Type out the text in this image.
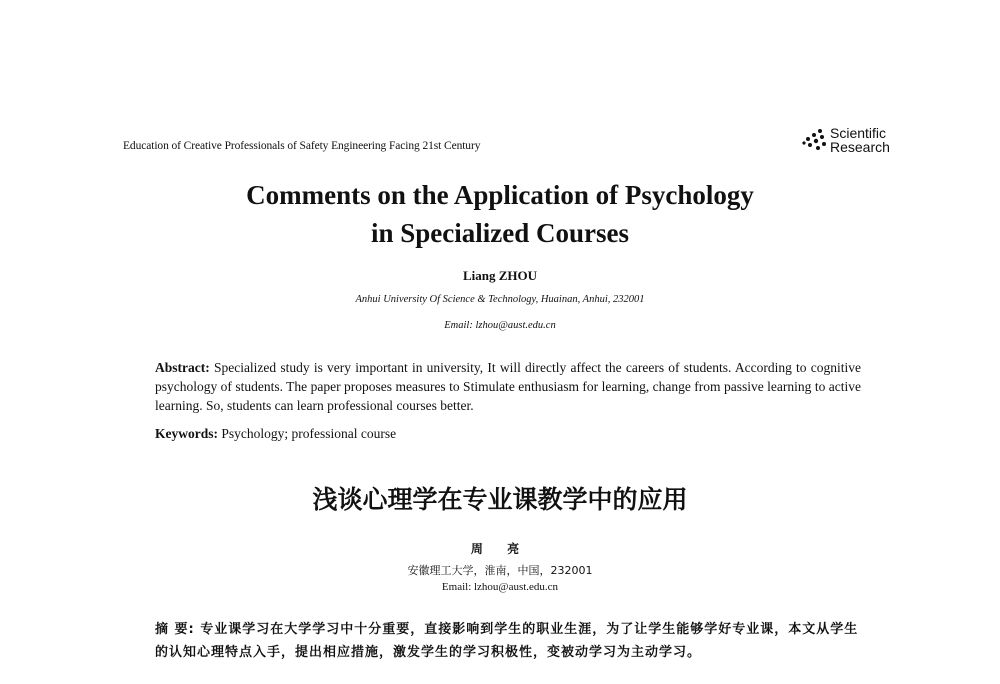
Education of Creative Professionals of Safety Engineering Facing 21st Century
Scientific
Research
Comments on the Application of Psychology
in Specialized Courses
Liang ZHOU
Anhui University Of Science & Technology, Huainan, Anhui, 232001
Email: lzhou@aust.edu.cn
Abstract: Specialized study is very important in university, It will directly affect the careers of students. According to cognitive psychology of students. The paper proposes measures to Stimulate enthusiasm for learning, change from passive learning to active learning. So, students can learn professional courses better.
Keywords: Psychology; professional course
浅谈心理学在专业课教学中的应用
周 亮
安徽理工大学，淮南，中国，232001
Email: lzhou@aust.edu.cn
摘 要: 专业课学习在大学学习中十分重要，直接影响到学生的职业生涯，为了让学生能够学好专业课，本文从学生的认知心理特点入手，提出相应措施，激发学生的学习积极性，变被动学习为主动学习。
